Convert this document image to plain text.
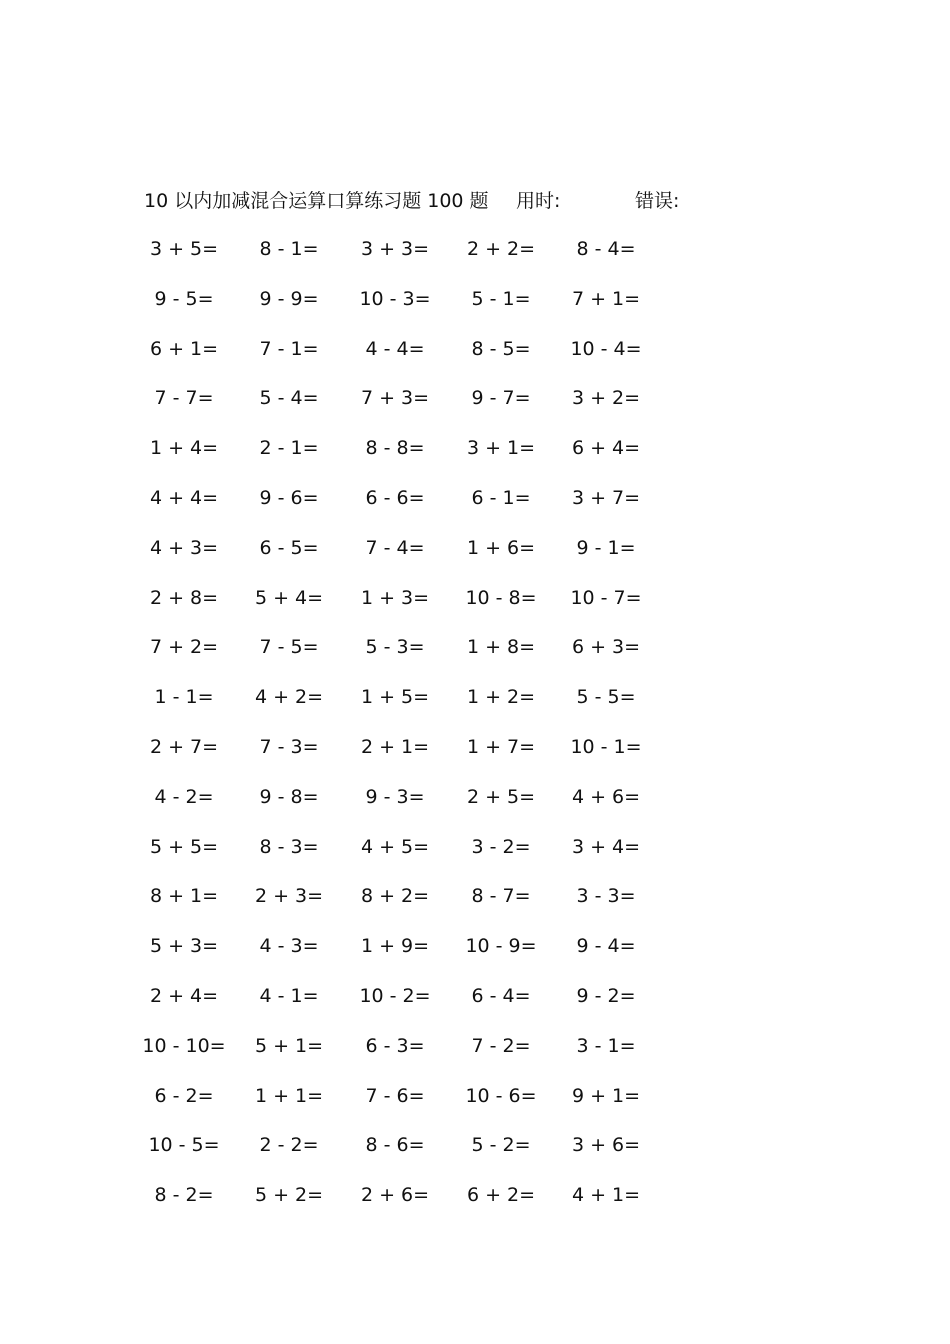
10 以内加减混合运算口算练习题 100 题 用时:	错误:
3 + 5=	8 - 1=	3 + 3=	2 + 2=	8 - 4=
9 - 5=	9 - 9=	10 - 3=	5 - 1=	7 + 1=
6 + 1=	7 - 1=	4 - 4=	8 - 5=	10 - 4=
7 - 7=	5 - 4=	7 + 3=	9 - 7=	3 + 2=
1 + 4=	2 - 1=	8 - 8=	3 + 1=	6 + 4=
4 + 4=	9 - 6=	6 - 6=	6 - 1=	3 + 7=
4 + 3=	6 - 5=	7 - 4=	1 + 6=	9 - 1=
2 + 8=	5 + 4=	1 + 3=	10 - 8=	10 - 7=
7 + 2=	7 - 5=	5 - 3=	1 + 8=	6 + 3=
1 - 1=	4 + 2=	1 + 5=	1 + 2=	5 - 5=
2 + 7=	7 - 3=	2 + 1=	1 + 7=	10 - 1=
4 - 2=	9 - 8=	9 - 3=	2 + 5=	4 + 6=
5 + 5=	8 - 3=	4 + 5=	3 - 2=	3 + 4=
8 + 1=	2 + 3=	8 + 2=	8 - 7=	3 - 3=
5 + 3=	4 - 3=	1 + 9=	10 - 9=	9 - 4=
2 + 4=	4 - 1=	10 - 2=	6 - 4=	9 - 2=
10 - 10=	5 + 1=	6 - 3=	7 - 2=	3 - 1=
6 - 2=	1 + 1=	7 - 6=	10 - 6=	9 + 1=
10 - 5=	2 - 2=	8 - 6=	5 - 2=	3 + 6=
8 - 2=	5 + 2=	2 + 6=	6 + 2=	4 + 1=
